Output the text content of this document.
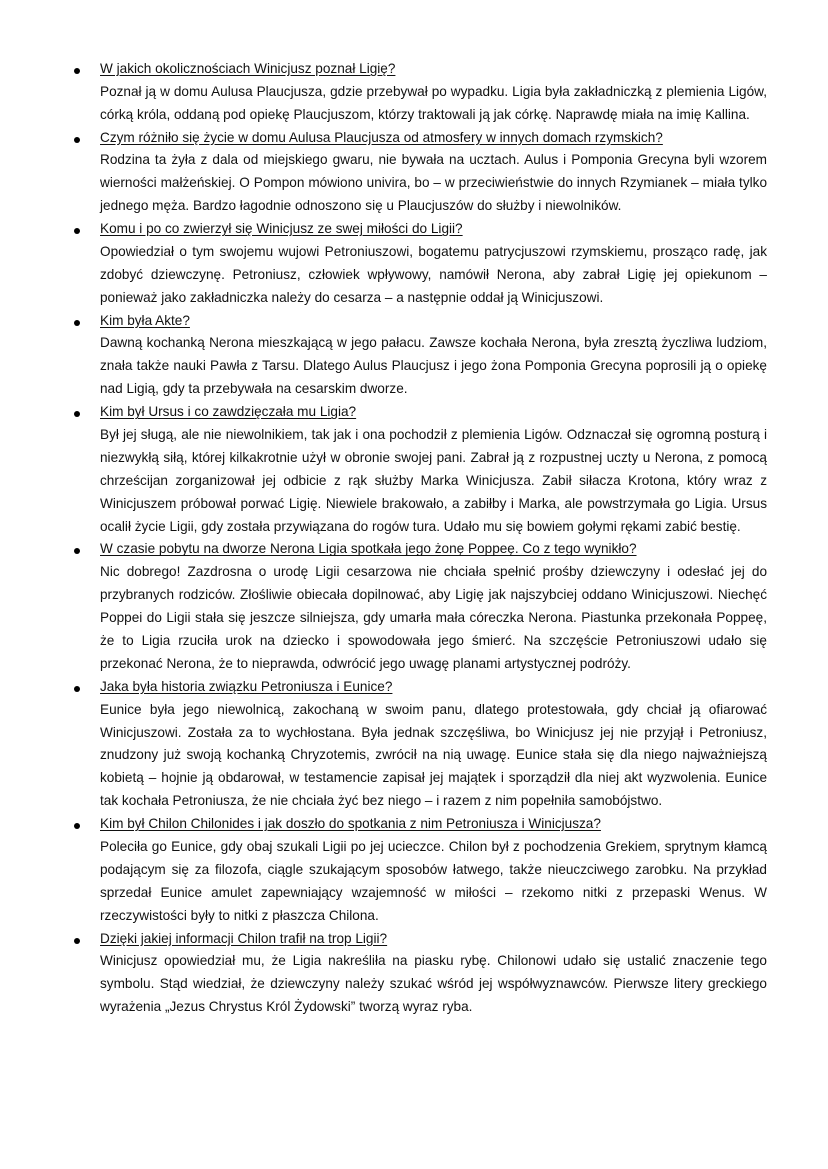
W jakich okolicznościach Winicjusz poznał Ligię?

Poznał ją w domu Aulusa Plaucjusza, gdzie przebywał po wypadku. Ligia była zakładniczką z plemienia Ligów, córką króla, oddaną pod opiekę Plaucjuszom, którzy traktowali ją jak córkę. Naprawdę miała na imię Kallina.

Czym różniło się życie w domu Aulusa Plaucjusza od atmosfery w innych domach rzymskich?

Rodzina ta żyła z dala od miejskiego gwaru, nie bywała na ucztach. Aulus i Pomponia Grecyna byli wzorem wierności małżeńskiej. O Pompon mówiono univira, bo – w przeciwieństwie do innych Rzymianek – miała tylko jednego męża. Bardzo łagodnie odnoszono się u Plaucjuszów do służby i niewolników.

Komu i po co zwierzył się Winicjusz ze swej miłości do Ligii?

Opowiedział o tym swojemu wujowi Petroniuszowi, bogatemu patrycjuszowi rzymskiemu, prosząco radę, jak zdobyć dziewczynę. Petroniusz, człowiek wpływowy, namówił Nerona, aby zabrał Ligię jej opiekunom – ponieważ jako zakładniczka należy do cesarza – a następnie oddał ją Winicjuszowi.

Kim była Akte?

Dawną kochanką Nerona mieszkającą w jego pałacu. Zawsze kochała Nerona, była zresztą życzliwa ludziom, znała także nauki Pawła z Tarsu. Dlatego Aulus Plaucjusz i jego żona Pomponia Grecyna poprosili ją o opiekę nad Ligią, gdy ta przebywała na cesarskim dworze.

Kim był Ursus i co zawdzięczała mu Ligia?

Był jej sługą, ale nie niewolnikiem, tak jak i ona pochodził z plemienia Ligów. Odznaczał się ogromną posturą i niezwykłą siłą, której kilkakrotnie użył w obronie swojej pani. Zabrał ją z rozpustnej uczty u Nerona, z pomocą chrześcijan zorganizował jej odbicie z rąk służby Marka Winicjusza. Zabił siłacza Krotona, który wraz z Winicjuszem próbował porwać Ligię. Niewiele brakowało, a zabiłby i Marka, ale powstrzymała go Ligia. Ursus ocalił życie Ligii, gdy została przywiązana do rogów tura. Udało mu się bowiem gołymi rękami zabić bestię.

W czasie pobytu na dworze Nerona Ligia spotkała jego żonę Poppeę. Co z tego wynikło?

Nic dobrego! Zazdrosna o urodę Ligii cesarzowa nie chciała spełnić prośby dziewczyny i odesłać jej do przybranych rodziców. Złośliwie obiecała dopilnować, aby Ligię jak najszybciej oddano Winicjuszowi. Niechęć Poppei do Ligii stała się jeszcze silniejsza, gdy umarła mała córeczka Nerona. Piastunka przekonała Poppeę, że to Ligia rzuciła urok na dziecko i spowodowała jego śmierć. Na szczęście Petroniuszowi udało się przekonać Nerona, że to nieprawda, odwrócić jego uwagę planami artystycznej podróży.

Jaka była historia związku Petroniusza i Eunice?

Eunice była jego niewolnicą, zakochaną w swoim panu, dlatego protestowała, gdy chciał ją ofiarować Winicjuszowi. Została za to wychłostana. Była jednak szczęśliwa, bo Winicjusz jej nie przyjął i Petroniusz, znudzony już swoją kochanką Chryzotemis, zwrócił na nią uwagę. Eunice stała się dla niego najważniejszą kobietą – hojnie ją obdarował, w testamencie zapisał jej majątek i sporządził dla niej akt wyzwolenia. Eunice tak kochała Petroniusza, że nie chciała żyć bez niego – i razem z nim popełniła samobójstwo.

Kim był Chilon Chilonides i jak doszło do spotkania z nim Petroniusza i Winicjusza?

Poleciła go Eunice, gdy obaj szukali Ligii po jej ucieczce. Chilon był z pochodzenia Grekiem, sprytnym kłamcą podającym się za filozofa, ciągle szukającym sposobów łatwego, także nieuczciwego zarobku. Na przykład sprzedał Eunice amulet zapewniający wzajemność w miłości – rzekomo nitki z przepaski Wenus. W rzeczywistości były to nitki z płaszcza Chilona.

Dzięki jakiej informacji Chilon trafił na trop Ligii?

Winicjusz opowiedział mu, że Ligia nakreśliła na piasku rybę. Chilonowi udało się ustalić znaczenie tego symbolu. Stąd wiedział, że dziewczyny należy szukać wśród jej współwyznawców. Pierwsze litery greckiego wyrażenia „Jezus Chrystus Król Żydowski” tworzą wyraz ryba.
